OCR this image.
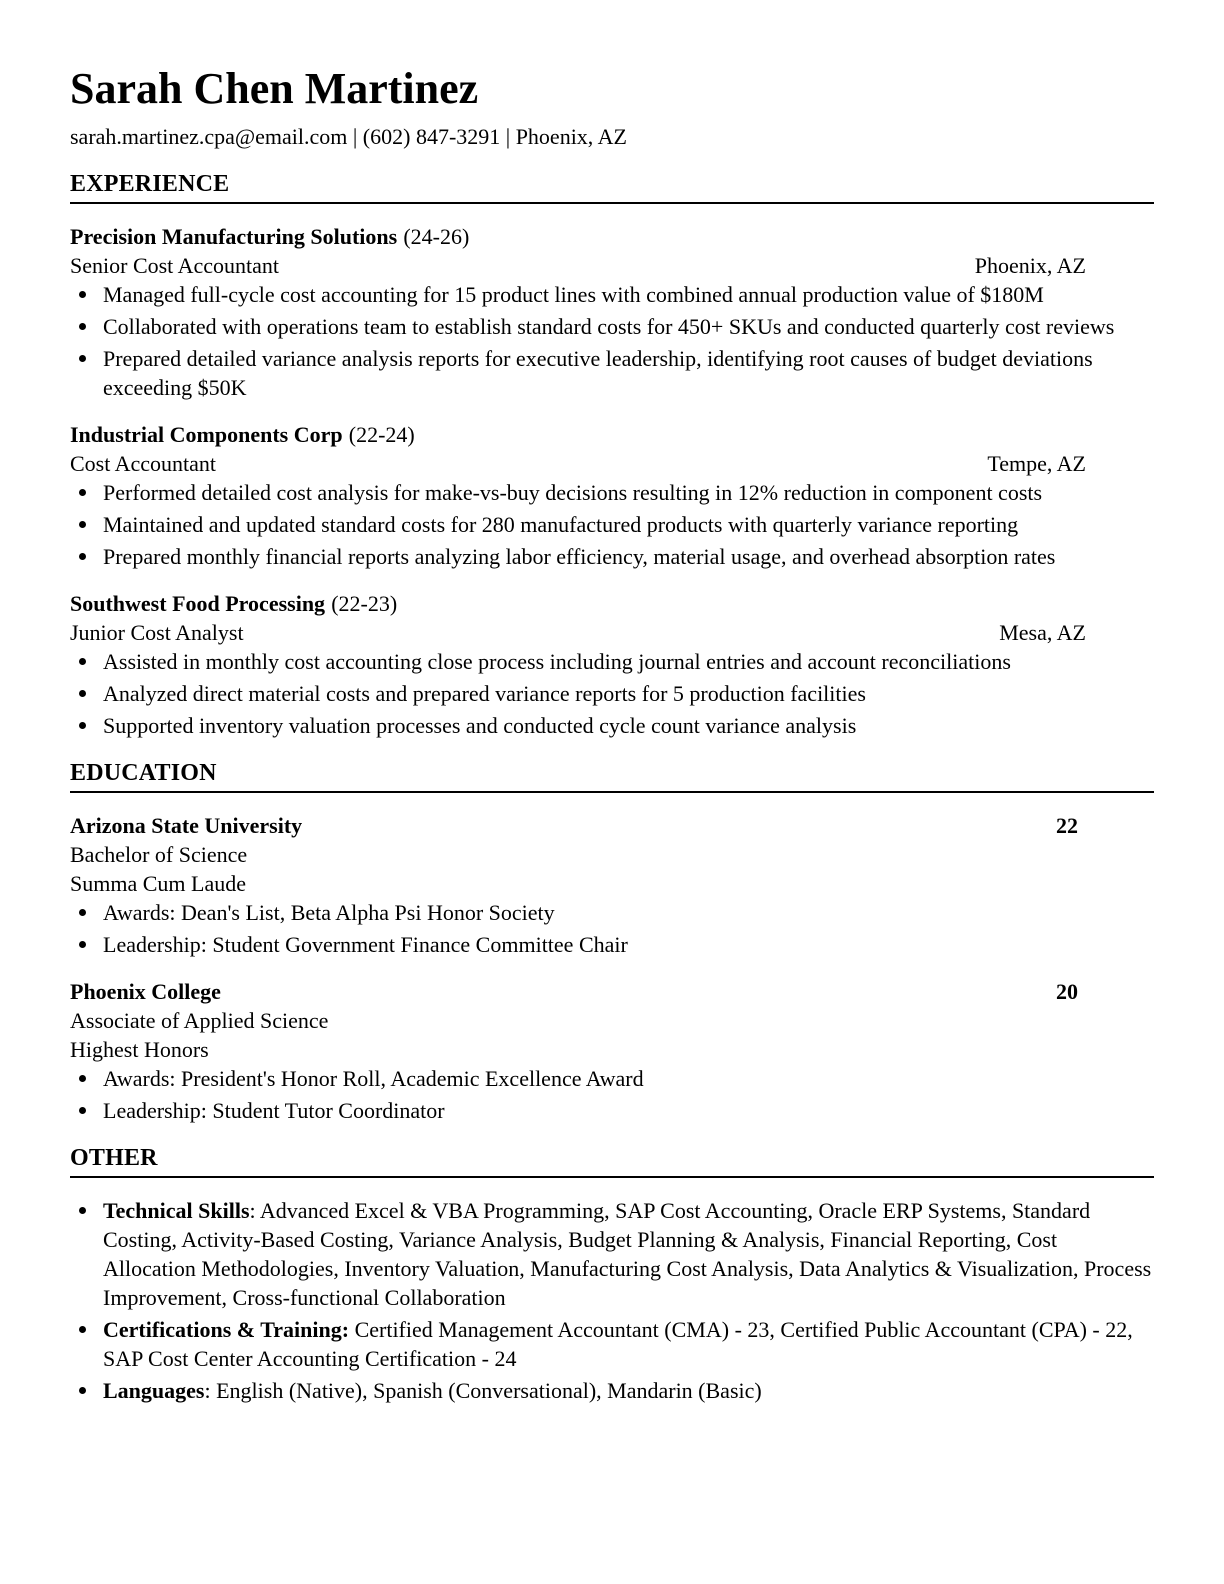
Sarah Chen Martinez
sarah.martinez.cpa@email.com | (602) 847-3291 | Phoenix, AZ
EXPERIENCE
Precision Manufacturing Solutions (24-26)
Senior Cost Accountant	Phoenix, AZ
Managed full-cycle cost accounting for 15 product lines with combined annual production value of $180M
Collaborated with operations team to establish standard costs for 450+ SKUs and conducted quarterly cost reviews
Prepared detailed variance analysis reports for executive leadership, identifying root causes of budget deviations exceeding $50K
Industrial Components Corp (22-24)
Cost Accountant	Tempe, AZ
Performed detailed cost analysis for make-vs-buy decisions resulting in 12% reduction in component costs
Maintained and updated standard costs for 280 manufactured products with quarterly variance reporting
Prepared monthly financial reports analyzing labor efficiency, material usage, and overhead absorption rates
Southwest Food Processing (22-23)
Junior Cost Analyst	Mesa, AZ
Assisted in monthly cost accounting close process including journal entries and account reconciliations
Analyzed direct material costs and prepared variance reports for 5 production facilities
Supported inventory valuation processes and conducted cycle count variance analysis
EDUCATION
Arizona State University	22
Bachelor of Science
Summa Cum Laude
Awards: Dean's List, Beta Alpha Psi Honor Society
Leadership: Student Government Finance Committee Chair
Phoenix College	20
Associate of Applied Science
Highest Honors
Awards: President's Honor Roll, Academic Excellence Award
Leadership: Student Tutor Coordinator
OTHER
Technical Skills: Advanced Excel & VBA Programming, SAP Cost Accounting, Oracle ERP Systems, Standard Costing, Activity-Based Costing, Variance Analysis, Budget Planning & Analysis, Financial Reporting, Cost Allocation Methodologies, Inventory Valuation, Manufacturing Cost Analysis, Data Analytics & Visualization, Process Improvement, Cross-functional Collaboration
Certifications & Training: Certified Management Accountant (CMA) - 23, Certified Public Accountant (CPA) - 22, SAP Cost Center Accounting Certification - 24
Languages: English (Native), Spanish (Conversational), Mandarin (Basic)
